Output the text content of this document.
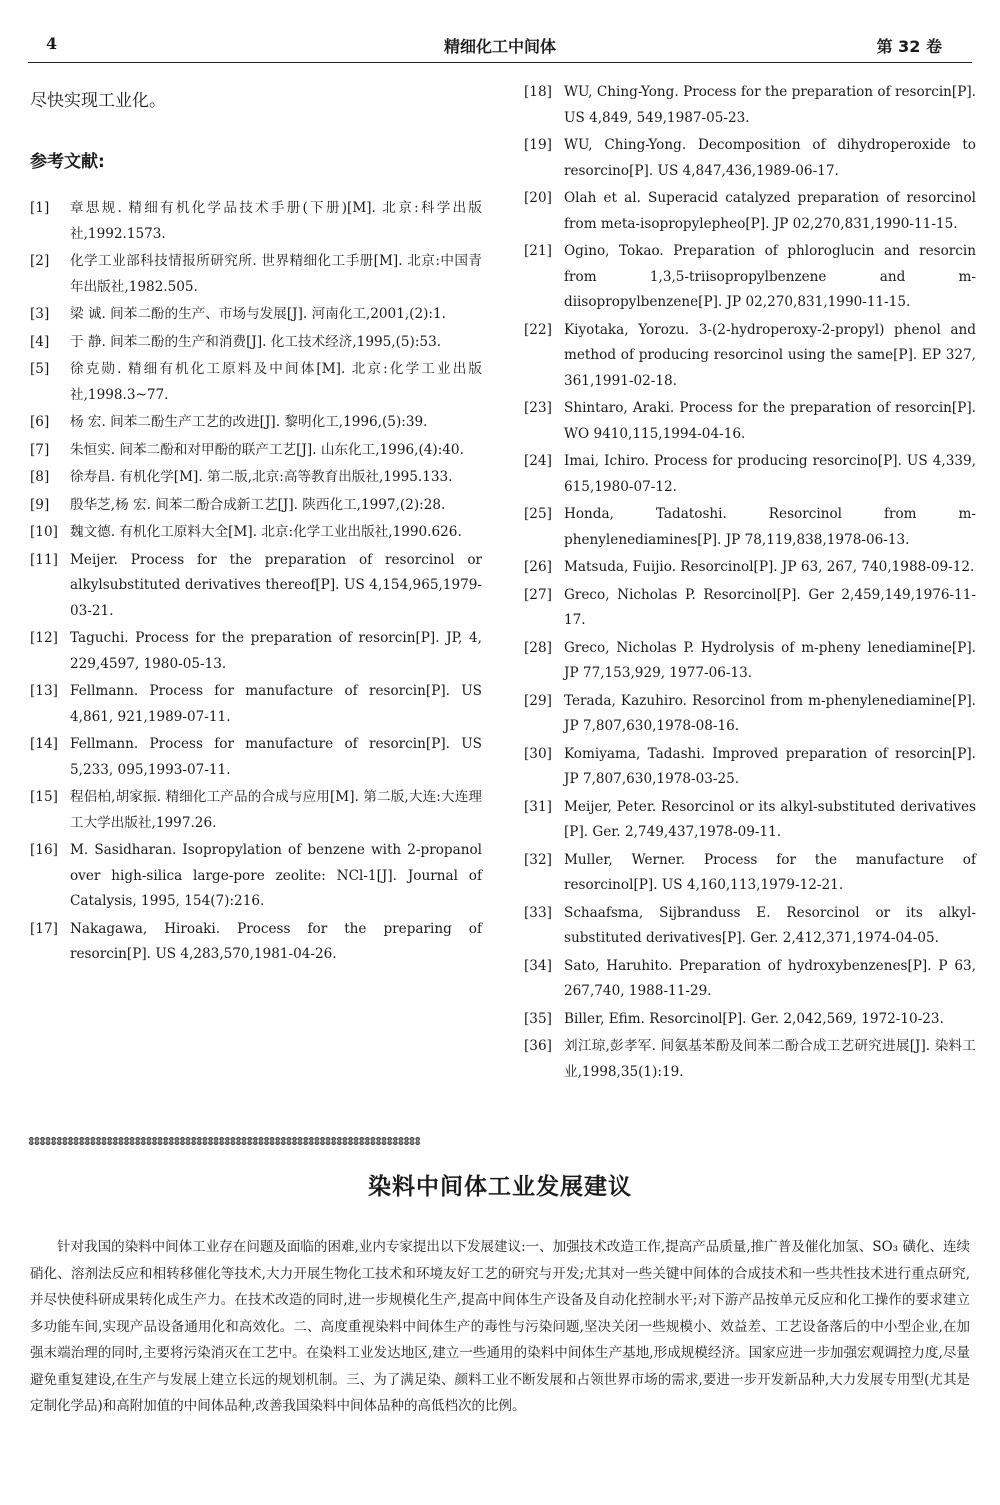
4	精细化工中间体	第 32 卷
尽快实现工业化。
参考文献:
[1]	章思规. 精细有机化学品技术手册(下册)[M]. 北京:科学出版社,1992.1573.
[2]	化学工业部科技情报所研究所. 世界精细化工手册[M]. 北京:中国青年出版社,1982.505.
[3]	梁 诚. 间苯二酚的生产、市场与发展[J]. 河南化工,2001,(2):1.
[4]	于 静. 间苯二酚的生产和消费[J]. 化工技术经济,1995,(5):53.
[5]	徐克勋. 精细有机化工原料及中间体[M]. 北京:化学工业出版社,1998.3~77.
[6]	杨 宏. 间苯二酚生产工艺的改进[J]. 黎明化工,1996,(5):39.
[7]	朱恒实. 间苯二酚和对甲酚的联产工艺[J]. 山东化工,1996,(4):40.
[8]	徐寿昌. 有机化学[M]. 第二版,北京:高等教育出版社,1995.133.
[9]	殷华芝,杨 宏. 间苯二酚合成新工艺[J]. 陕西化工,1997,(2):28.
[10] 魏文德. 有机化工原料大全[M]. 北京:化学工业出版社,1990.626.
[11] Meijer. Process for the preparation of resorcinol or alkylsubstituted derivatives thereof[P]. US 4,154,965,1979-03-21.
[12] Taguchi. Process for the preparation of resorcin[P]. JP, 4, 229,4597, 1980-05-13.
[13] Fellmann. Process for manufacture of resorcin[P]. US 4,861, 921,1989-07-11.
[14] Fellmann. Process for manufacture of resorcin[P]. US 5,233, 095,1993-07-11.
[15] 程侣柏,胡家振. 精细化工产品的合成与应用[M]. 第二版,大连:大连理工大学出版社,1997.26.
[16] M. Sasidharan. Isopropylation of benzene with 2-propanol over high-silica large-pore zeolite: NCl-1[J]. Journal of Catalysis, 1995, 154(7):216.
[17] Nakagawa, Hiroaki. Process for the preparing of resorcin[P]. US 4,283,570,1981-04-26.
[18] WU, Ching-Yong. Process for the preparation of resorcin[P]. US 4,849, 549,1987-05-23.
[19] WU, Ching-Yong. Decomposition of dihydroperoxide to resorcino[P]. US 4,847,436,1989-06-17.
[20] Olah et al. Superacid catalyzed preparation of resorcinol from meta-isopropylepheo[P]. JP 02,270,831,1990-11-15.
[21] Ogino, Tokao. Preparation of phloroglucin and resorcin from 1,3,5-triisopropylbenzene and m-diisopropylbenzene[P]. JP 02,270,831,1990-11-15.
[22] Kiyotaka, Yorozu. 3-(2-hydroperoxy-2-propyl) phenol and method of producing resorcinol using the same[P]. EP 327, 361,1991-02-18.
[23] Shintaro, Araki. Process for the preparation of resorcin[P]. WO 9410,115,1994-04-16.
[24] Imai, Ichiro. Process for producing resorcino[P]. US 4,339, 615,1980-07-12.
[25] Honda, Tadatoshi. Resorcinol from m-phenylenediamines[P]. JP 78,119,838,1978-06-13.
[26] Matsuda, Fuijio. Resorcinol[P]. JP 63, 267, 740,1988-09-12.
[27] Greco, Nicholas P. Resorcinol[P]. Ger 2,459,149,1976-11-17.
[28] Greco, Nicholas P. Hydrolysis of m-pheny lenediamine[P]. JP 77,153,929, 1977-06-13.
[29] Terada, Kazuhiro. Resorcinol from m-phenylenediamine[P]. JP 7,807,630,1978-08-16.
[30] Komiyama, Tadashi. Improved preparation of resorcin[P]. JP 7,807,630,1978-03-25.
[31] Meijer, Peter. Resorcinol or its alkyl-substituted derivatives [P]. Ger. 2,749,437,1978-09-11.
[32] Muller, Werner. Process for the manufacture of resorcinol[P]. US 4,160,113,1979-12-21.
[33] Schaafsma, Sijbranduss E. Resorcinol or its alkyl-substituted derivatives[P]. Ger. 2,412,371,1974-04-05.
[34] Sato, Haruhito. Preparation of hydroxybenzenes[P]. P 63, 267,740, 1988-11-29.
[35] Biller, Efim. Resorcinol[P]. Ger. 2,042,569, 1972-10-23.
[36] 刘江琼,彭孝军. 间氨基苯酚及间苯二酚合成工艺研究进展[J]. 染料工业,1998,35(1):19.
ꗊꗊꗊꗊꗊꗊꗊꗊꗊꗊꗊꗊꗊꗊꗊꗊꗊꗊꗊꗊꗊꗊꗊꗊꗊꗊꗊꗊꗊꗊꗊꗊꗊꗊꗊꗊꗊꗊꗊꗊꗊꗊꗊꗊꗊꗊꗊꗊꗊꗊꗊꗊꗊꗊꗊꗊꗊꗊꗊꗊꗊꗊꗊꗊꗊꗊꗊꗊꗊꗊ
染料中间体工业发展建议
针对我国的染料中间体工业存在问题及面临的困难,业内专家提出以下发展建议:一、加强技术改造工作,提高产品质量,推广普及催化加氢、SO₃ 磺化、连续硝化、溶剂法反应和相转移催化等技术,大力开展生物化工技术和环境友好工艺的研究与开发;尤其对一些关键中间体的合成技术和一些共性技术进行重点研究,并尽快使科研成果转化成生产力。在技术改造的同时,进一步规模化生产,提高中间体生产设备及自动化控制水平;对下游产品按单元反应和化工操作的要求建立多功能车间,实现产品设备通用化和高效化。二、高度重视染料中间体生产的毒性与污染问题,坚决关闭一些规模小、效益差、工艺设备落后的中小型企业,在加强末端治理的同时,主要将污染消灭在工艺中。在染料工业发达地区,建立一些通用的染料中间体生产基地,形成规模经济。国家应进一步加强宏观调控力度,尽量避免重复建设,在生产与发展上建立长远的规划机制。三、为了满足染、颜料工业不断发展和占领世界市场的需求,要进一步开发新品种,大力发展专用型(尤其是定制化学品)和高附加值的中间体品种,改善我国染料中间体品种的高低档次的比例。
